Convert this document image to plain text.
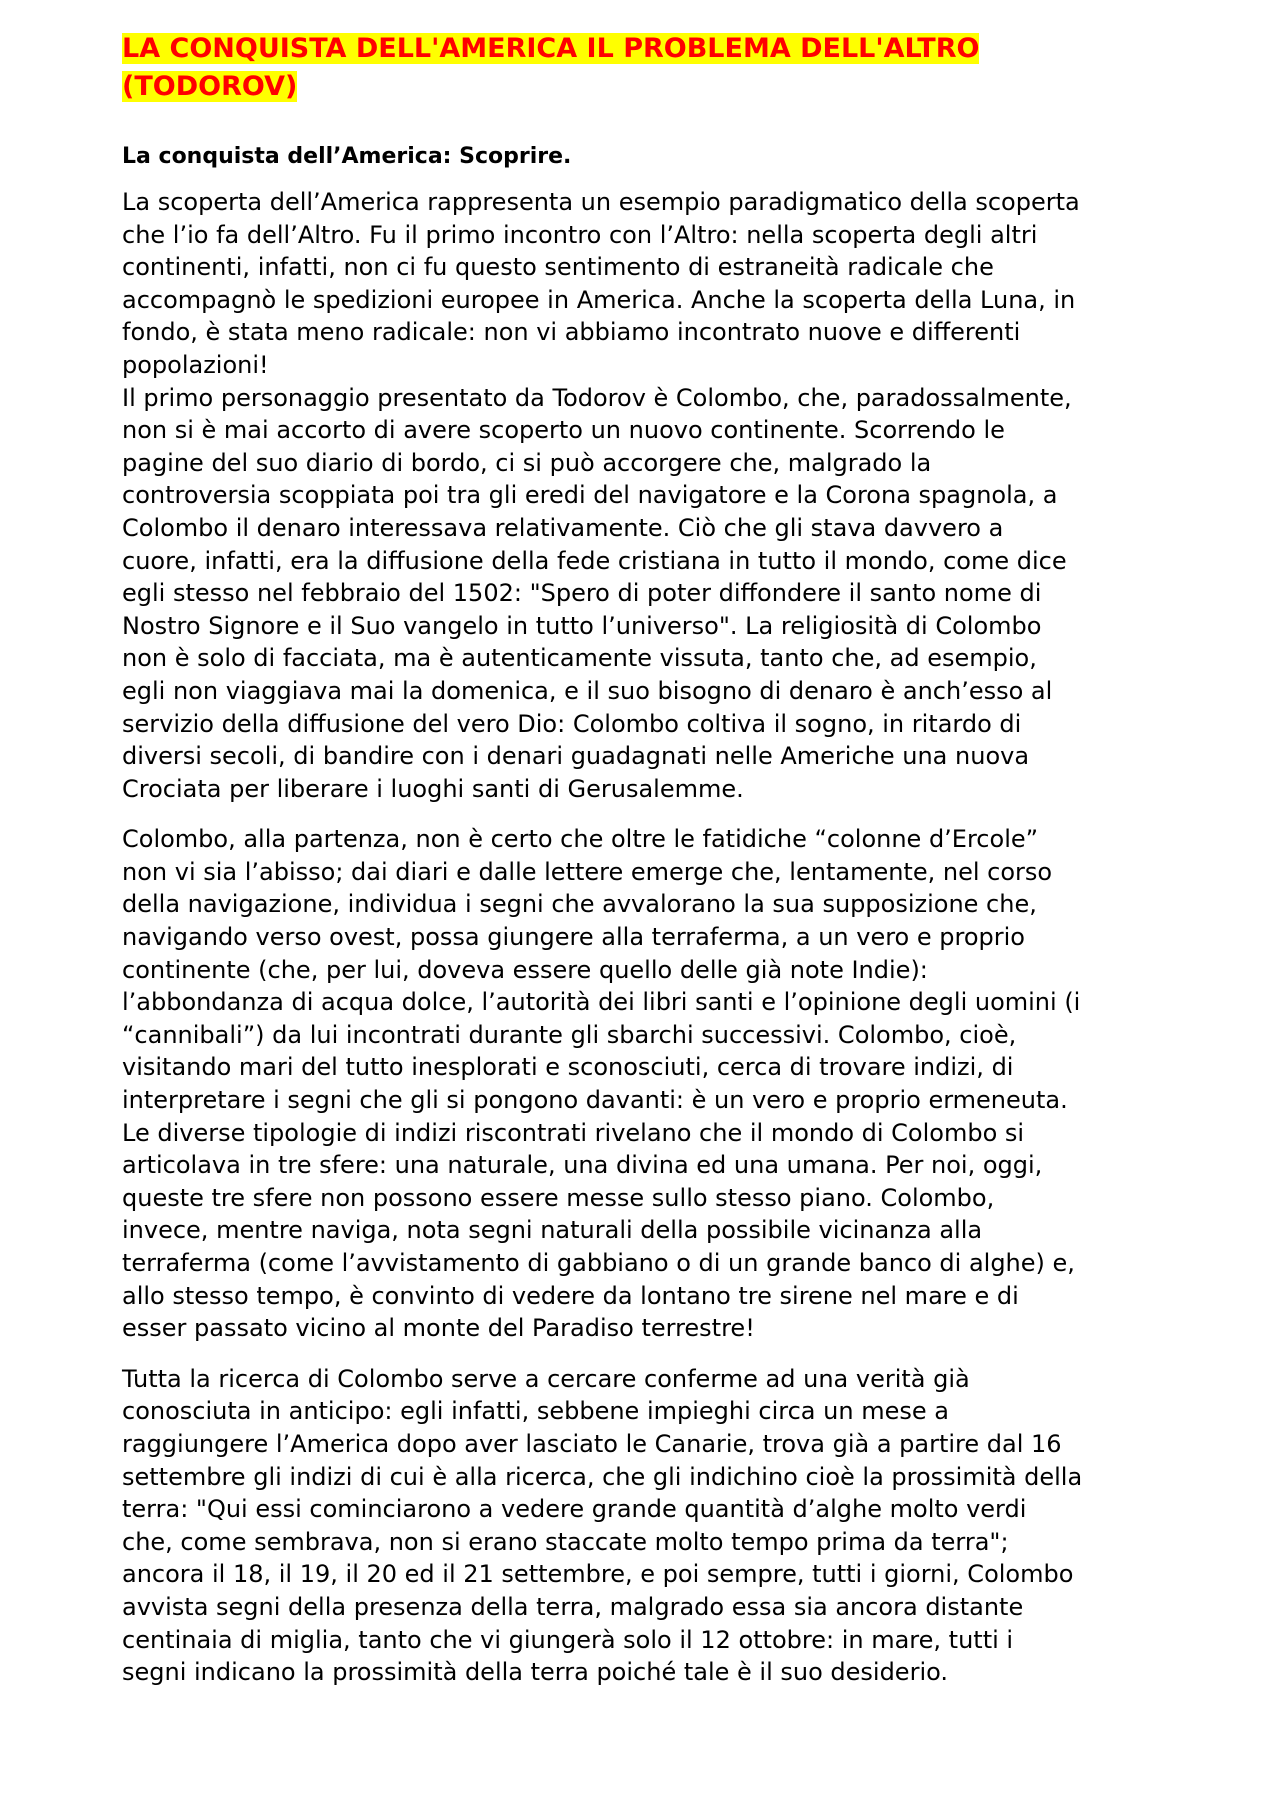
LA CONQUISTA DELL'AMERICA IL PROBLEMA DELL'ALTRO
(TODOROV)
La conquista dell’America: Scoprire.

La scoperta dell’America rappresenta un esempio paradigmatico della scoperta
che l’io fa dell’Altro. Fu il primo incontro con l’Altro: nella scoperta degli altri
continenti, infatti, non ci fu questo sentimento di estraneità radicale che
accompagnò le spedizioni europee in America. Anche la scoperta della Luna, in
fondo, è stata meno radicale: non vi abbiamo incontrato nuove e differenti
popolazioni!

Il primo personaggio presentato da Todorov è Colombo, che, paradossalmente,
non si è mai accorto di avere scoperto un nuovo continente. Scorrendo le
pagine del suo diario di bordo, ci si può accorgere che, malgrado la
controversia scoppiata poi tra gli eredi del navigatore e la Corona spagnola, a
Colombo il denaro interessava relativamente. Ciò che gli stava davvero a
cuore, infatti, era la diffusione della fede cristiana in tutto il mondo, come dice
egli stesso nel febbraio del 1502: "Spero di poter diffondere il santo nome di
Nostro Signore e il Suo vangelo in tutto l’universo". La religiosità di Colombo
non è solo di facciata, ma è autenticamente vissuta, tanto che, ad esempio,
egli non viaggiava mai la domenica, e il suo bisogno di denaro è anch’esso al
servizio della diffusione del vero Dio: Colombo coltiva il sogno, in ritardo di
diversi secoli, di bandire con i denari guadagnati nelle Americhe una nuova
Crociata per liberare i luoghi santi di Gerusalemme.

Colombo, alla partenza, non è certo che oltre le fatidiche “colonne d’Ercole”
non vi sia l’abisso; dai diari e dalle lettere emerge che, lentamente, nel corso
della navigazione, individua i segni che avvalorano la sua supposizione che,
navigando verso ovest, possa giungere alla terraferma, a un vero e proprio
continente (che, per lui, doveva essere quello delle già note Indie):
l’abbondanza di acqua dolce, l’autorità dei libri santi e l’opinione degli uomini (i
“cannibali”) da lui incontrati durante gli sbarchi successivi. Colombo, cioè,
visitando mari del tutto inesplorati e sconosciuti, cerca di trovare indizi, di
interpretare i segni che gli si pongono davanti: è un vero e proprio ermeneuta.
Le diverse tipologie di indizi riscontrati rivelano che il mondo di Colombo si
articolava in tre sfere: una naturale, una divina ed una umana. Per noi, oggi,
queste tre sfere non possono essere messe sullo stesso piano. Colombo,
invece, mentre naviga, nota segni naturali della possibile vicinanza alla
terraferma (come l’avvistamento di gabbiano o di un grande banco di alghe) e,
allo stesso tempo, è convinto di vedere da lontano tre sirene nel mare e di
esser passato vicino al monte del Paradiso terrestre!

Tutta la ricerca di Colombo serve a cercare conferme ad una verità già
conosciuta in anticipo: egli infatti, sebbene impieghi circa un mese a
raggiungere l’America dopo aver lasciato le Canarie, trova già a partire dal 16
settembre gli indizi di cui è alla ricerca, che gli indichino cioè la prossimità della
terra: "Qui essi cominciarono a vedere grande quantità d’alghe molto verdi
che, come sembrava, non si erano staccate molto tempo prima da terra";
ancora il 18, il 19, il 20 ed il 21 settembre, e poi sempre, tutti i giorni, Colombo
avvista segni della presenza della terra, malgrado essa sia ancora distante
centinaia di miglia, tanto che vi giungerà solo il 12 ottobre: in mare, tutti i
segni indicano la prossimità della terra poiché tale è il suo desiderio.
